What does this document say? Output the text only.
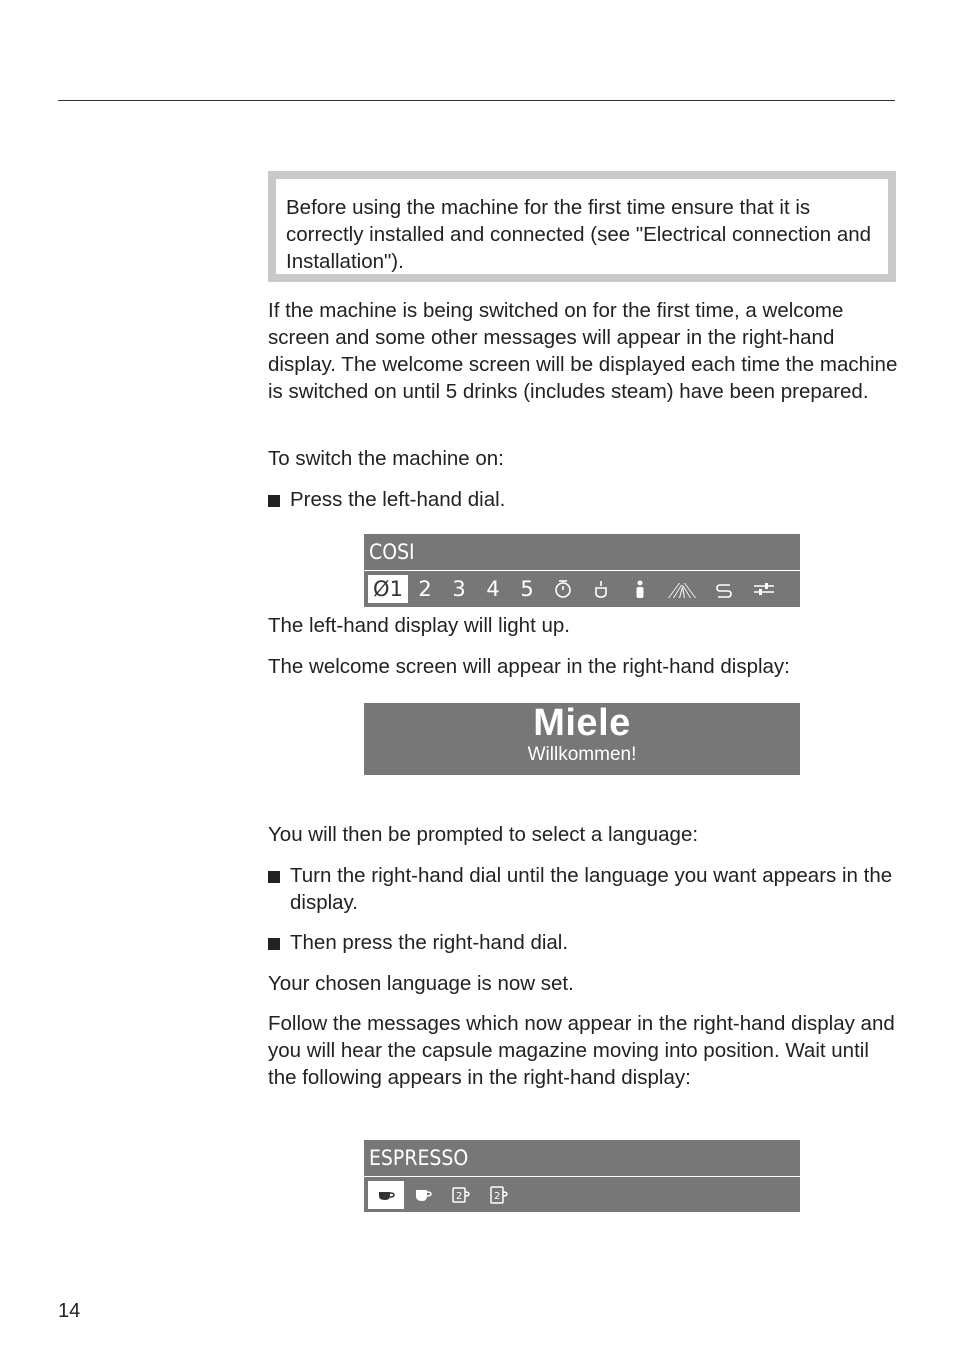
Before using the machine for the first time ensure that it is correctly installed and connected (see "Electrical connection and Installation").

If the machine is being switched on for the first time, a welcome screen and some other messages will appear in the right-hand display. The welcome screen will be displayed each time the machine is switched on until 5 drinks (includes steam) have been prepared.

To switch the machine on:

Press the left-hand dial.
COSI
Ø1 2 3 4 5

The left-hand display will light up.

The welcome screen will appear in the right-hand display:

Miele
Willkommen!

You will then be prompted to select a language:

Turn the right-hand dial until the language you want appears in the display.
Then press the right-hand dial.

Your chosen language is now set.

Follow the messages which now appear in the right-hand display and you will hear the capsule magazine moving into position. Wait until the following appears in the right-hand display:

ESPRESSO
2	2
14
